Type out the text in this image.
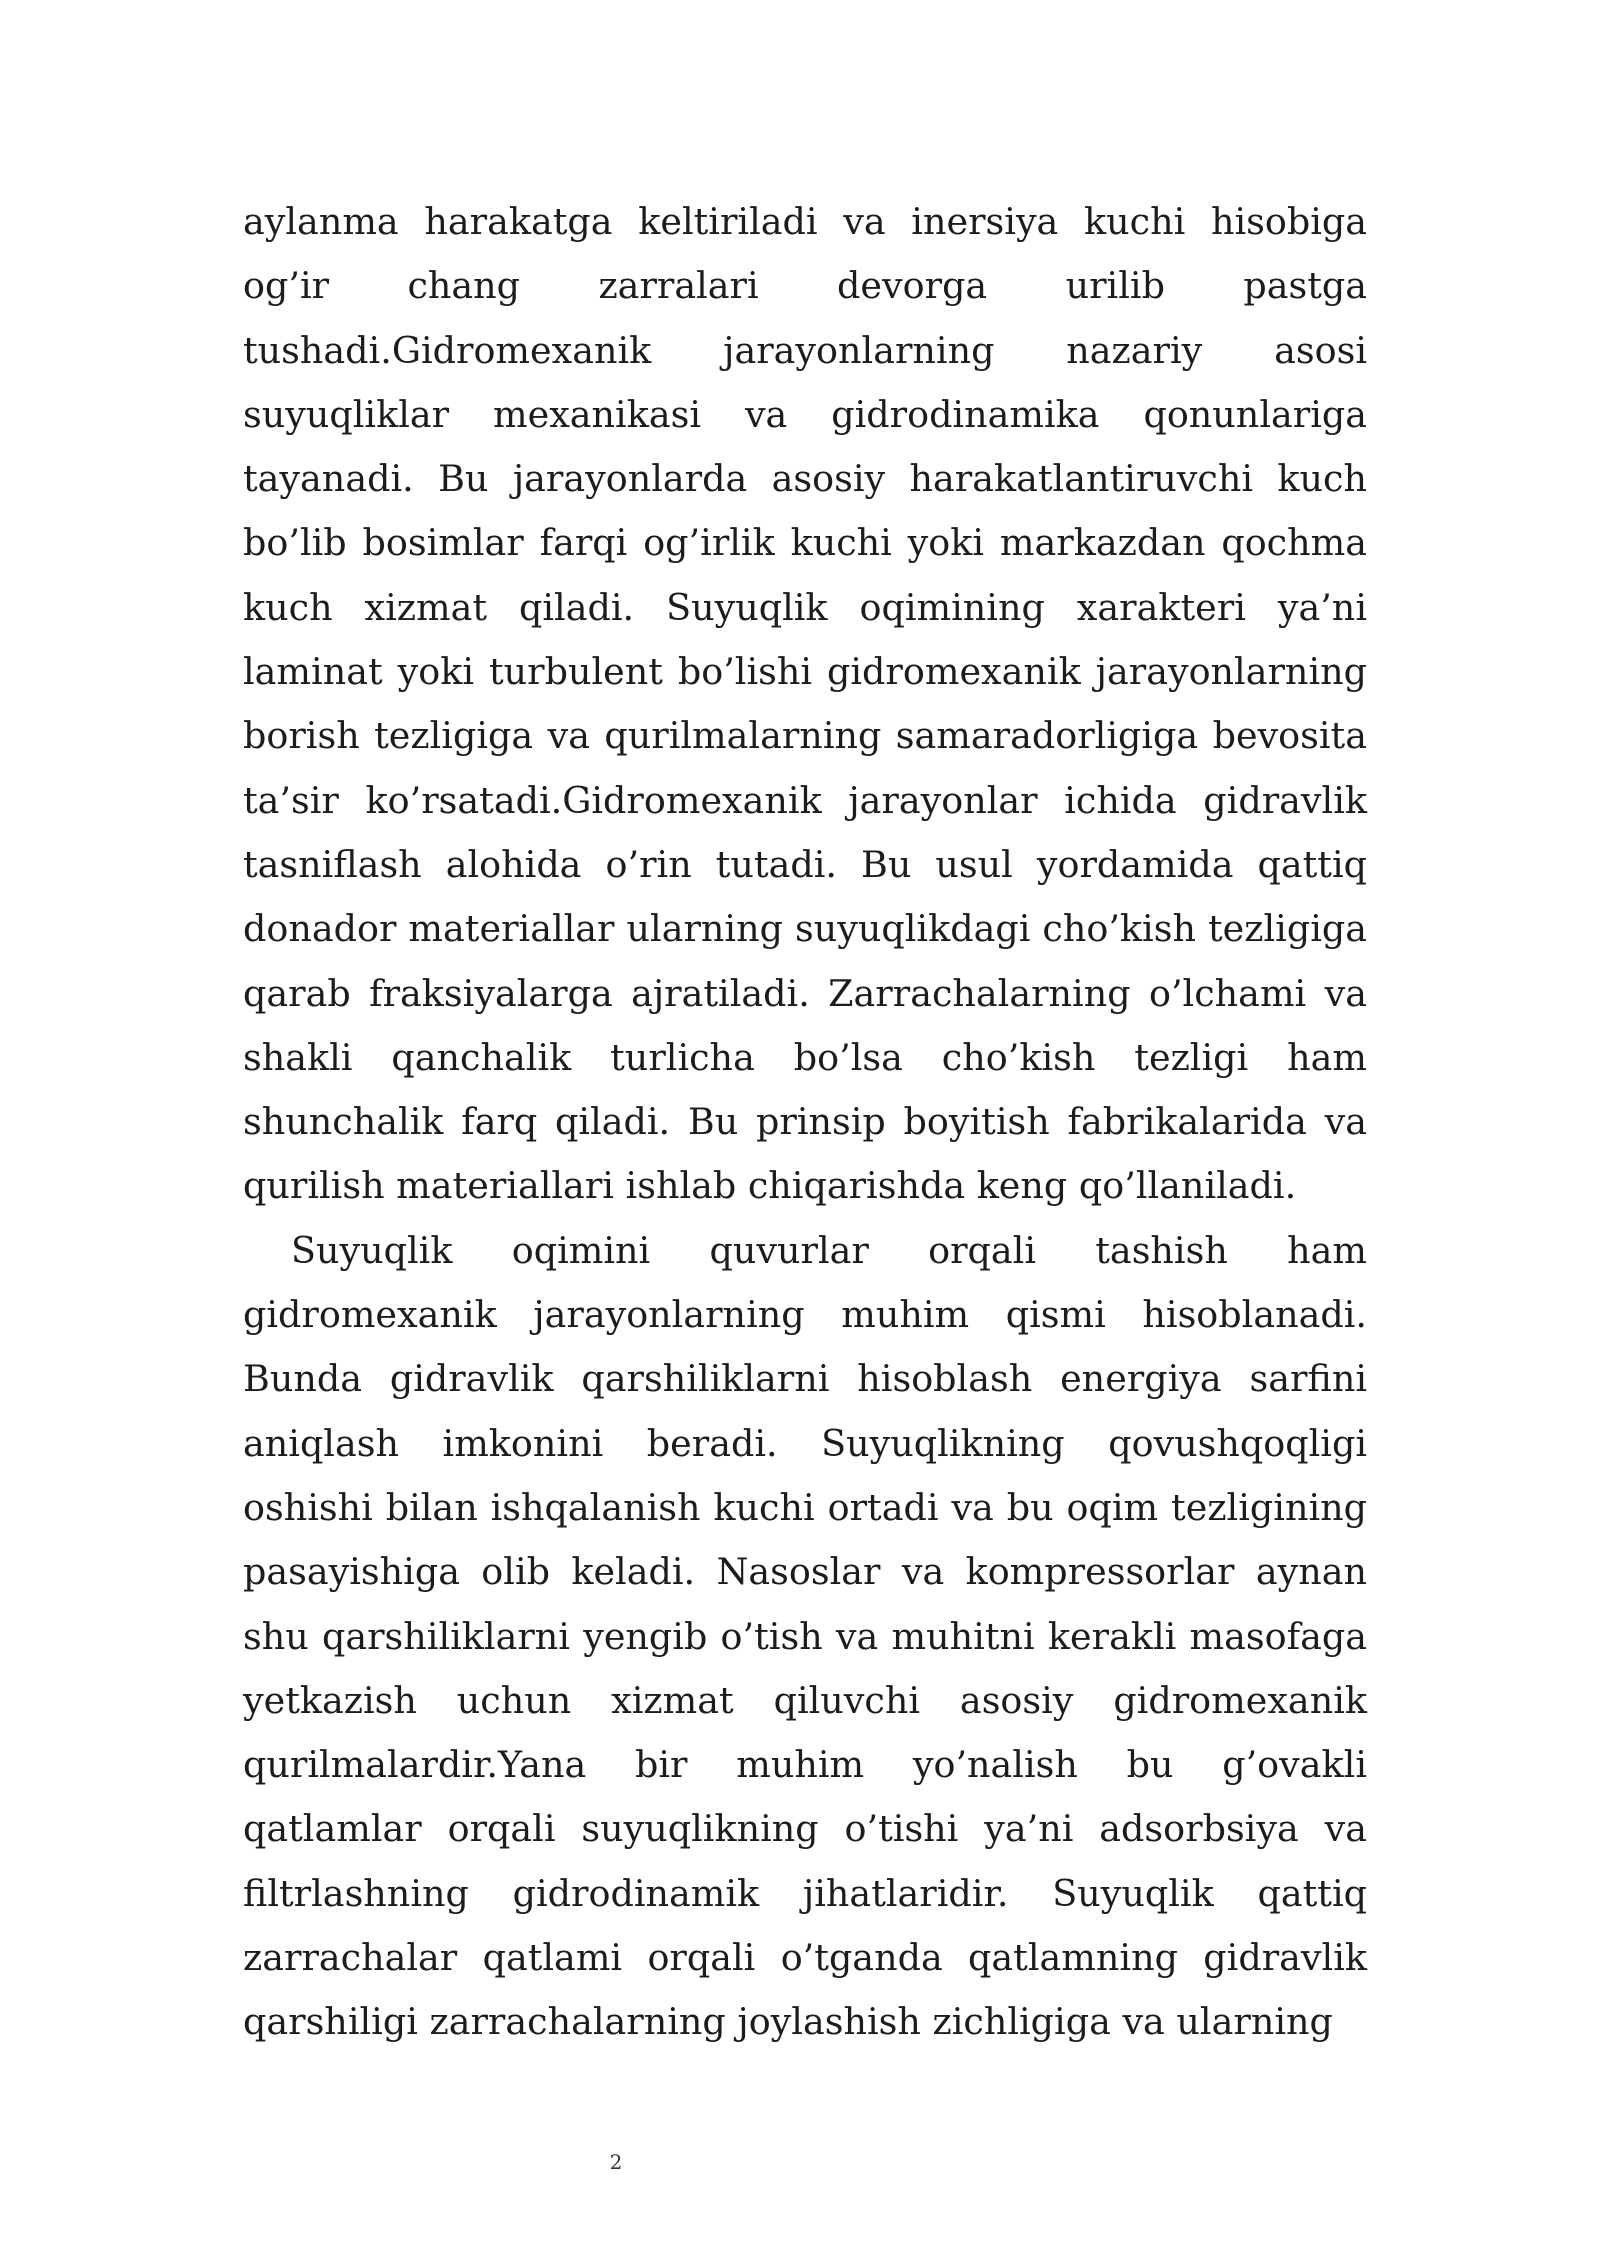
aylanma harakatga keltiriladi va inersiya kuchi hisobiga og’ir chang zarralari devorga urilib pastga tushadi.Gidromexanik jarayonlarning nazariy asosi suyuqliklar mexanikasi va gidrodinamika qonunlariga tayanadi. Bu jarayonlarda asosiy harakatlantiruvchi kuch bo’lib bosimlar farqi og’irlik kuchi yoki markazdan qochma kuch xizmat qiladi. Suyuqlik oqimining xarakteri ya’ni laminat yoki turbulent bo’lishi gidromexanik jarayonlarning borish tezligiga va qurilmalarning samaradorligiga bevosita ta’sir ko’rsatadi.Gidromexanik jarayonlar ichida gidravlik tasniflash alohida o’rin tutadi. Bu usul yordamida qattiq donador materiallar ularning suyuqlikdagi cho’kish tezligiga qarab fraksiyalarga ajratiladi. Zarrachalarning o’lchami va shakli qanchalik turlicha bo’lsa cho’kish tezligi ham shunchalik farq qiladi. Bu prinsip boyitish fabrikalarida va qurilish materiallari ishlab chiqarishda keng qo’llaniladi.

Suyuqlik oqimini quvurlar orqali tashish ham gidromexanik jarayonlarning muhim qismi hisoblanadi. Bunda gidravlik qarshiliklarni hisoblash energiya sarfini aniqlash imkonini beradi. Suyuqlikning qovushqoqligi oshishi bilan ishqalanish kuchi ortadi va bu oqim tezligining pasayishiga olib keladi. Nasoslar va kompressorlar aynan shu qarshiliklarni yengib o’tish va muhitni kerakli masofaga yetkazish uchun xizmat qiluvchi asosiy gidromexanik qurilmalardir.Yana bir muhim yo’nalish bu g’ovakli qatlamlar orqali suyuqlikning o’tishi ya’ni adsorbsiya va filtrlashning gidrodinamik jihatlaridir. Suyuqlik qattiq zarrachalar qatlami orqali o’tganda qatlamning gidravlik qarshiligi zarrachalarning joylashish zichligiga va ularning

2
